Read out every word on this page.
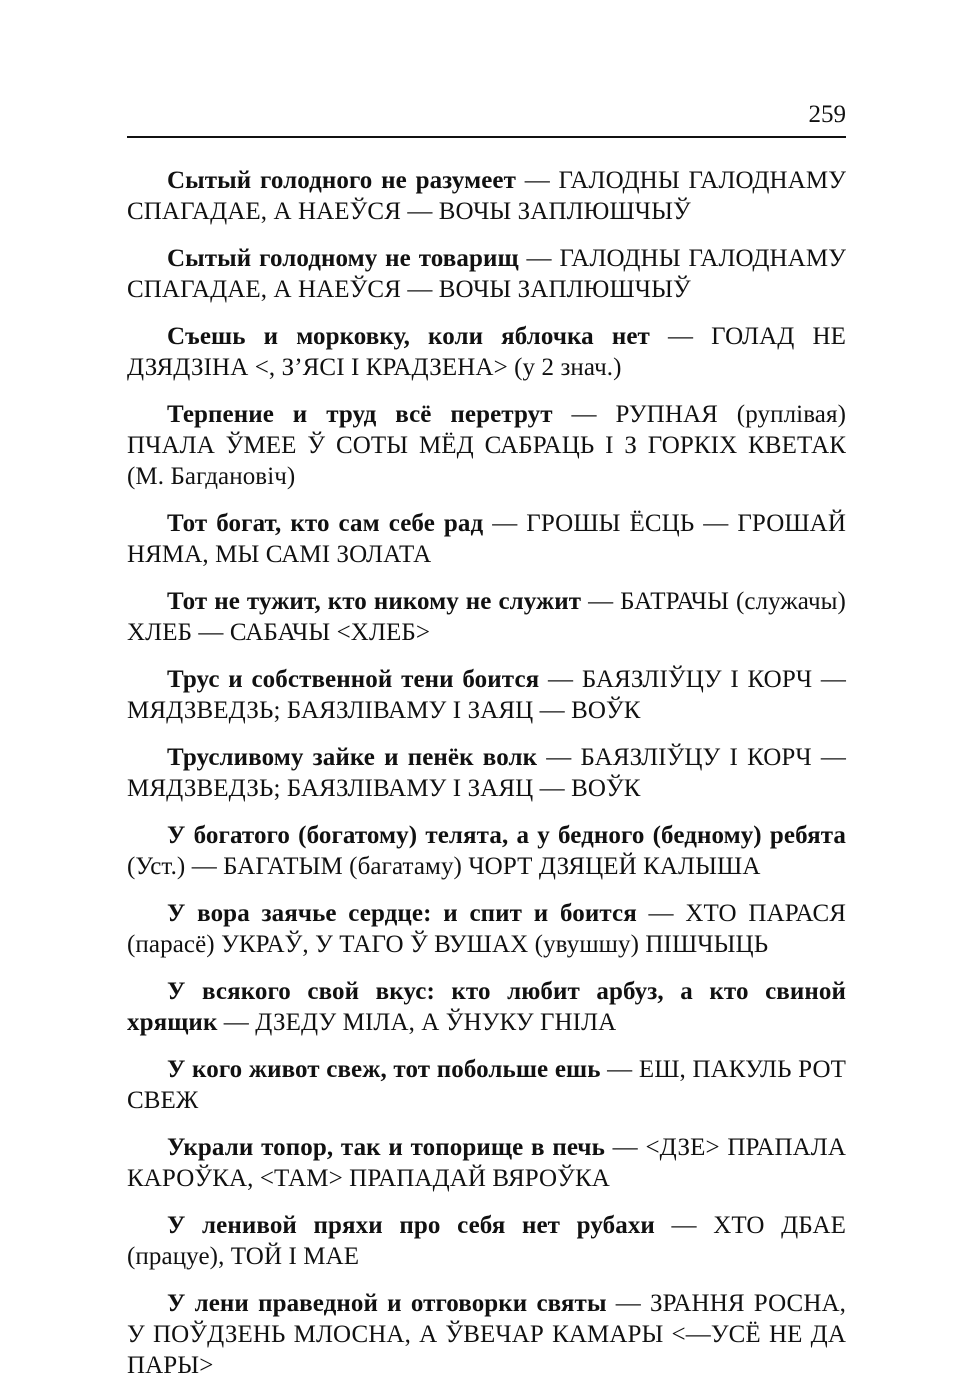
259

Сытый голодного не разумеет — ГАЛОДНЫ ГАЛОДНАМУ СПАГАДАЕ, А НАЕЎСЯ — ВОЧЫ ЗАПЛЮШЧЫЎ

Сытый голодному не товарищ — ГАЛОДНЫ ГАЛОДНАМУ СПАГАДАЕ, А НАЕЎСЯ — ВОЧЫ ЗАПЛЮШЧЫЎ

Съешь и морковку, коли яблочка нет — ГОЛАД НЕ ДЗЯДЗІНА <, З’ЯСІ І КРАДЗЕНА> (у 2 знач.)

Терпение и труд всё перетрут — РУПНАЯ (руплівая) ПЧАЛА ЎМЕЕ Ў СОТЫ МЁД САБРАЦЬ І З ГОРКІХ КВЕТАК (М. Багдановіч)

Тот богат, кто сам себе рад — ГРОШЫ ЁСЦЬ — ГРОШАЙ НЯМА, МЫ САМІ ЗОЛАТА

Тот не тужит, кто никому не служит — БАТРАЧЫ (служачы) ХЛЕБ — САБАЧЫ <ХЛЕБ>

Трус и собственной тени боится — БАЯЗЛІЎЦУ І КОРЧ — МЯДЗВЕДЗЬ; БАЯЗЛІВАМУ І ЗАЯЦ — ВОЎК

Трусливому зайке и пенёк волк — БАЯЗЛІЎЦУ І КОРЧ — МЯДЗВЕДЗЬ; БАЯЗЛІВАМУ І ЗАЯЦ — ВОЎК

У богатого (богатому) телята, а у бедного (бедному) ребята (Уст.) — БАГАТЫМ (багатаму) ЧОРТ ДЗЯЦЕЙ КАЛЫША

У вора заячье сердце: и спит и боится — ХТО ПАРАСЯ (парасё) УКРАЎ, У ТАГО Ў ВУШАХ (увушшу) ПІШЧЫЦЬ

У всякого свой вкус: кто любит арбуз, а кто свиной хрящик — ДЗЕДУ МІЛА, А ЎНУКУ ГНІЛА

У кого живот свеж, тот побольше ешь — ЕШ, ПАКУЛЬ РОТ СВЕЖ

Украли топор, так и топорище в печь — <ДЗЕ> ПРАПАЛА КАРОЎКА, <ТАМ> ПРАПАДАЙ ВЯРОЎКА

У ленивой пряхи про себя нет рубахи — ХТО ДБАЕ (працуе), ТОЙ І МАЕ

У лени праведной и отговорки святы — ЗРАННЯ РОСНА, У ПОЎДЗЕНЬ МЛОСНА, А ЎВЕЧАР КАМАРЫ <—УСЁ НЕ ДА ПАРЫ>
